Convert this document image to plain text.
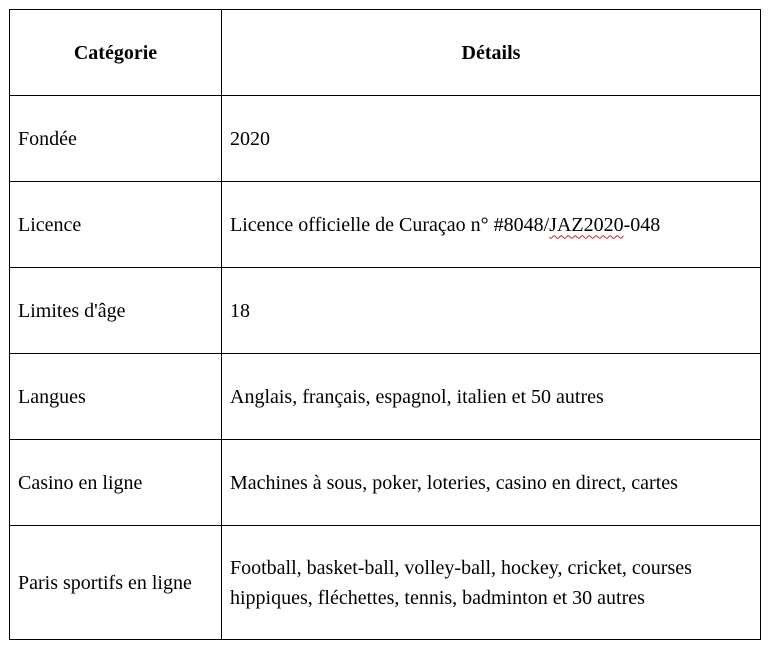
Catégorie	Détails
Fondée	2020
Licence	Licence officielle de Curaçao n° #8048/JAZ2020-048
Limites d'âge	18
Langues	Anglais, français, espagnol, italien et 50 autres
Casino en ligne	Machines à sous, poker, loteries, casino en direct, cartes
Paris sportifs en ligne	Football, basket-ball, volley-ball, hockey, cricket, courses hippiques, fléchettes, tennis, badminton et 30 autres
